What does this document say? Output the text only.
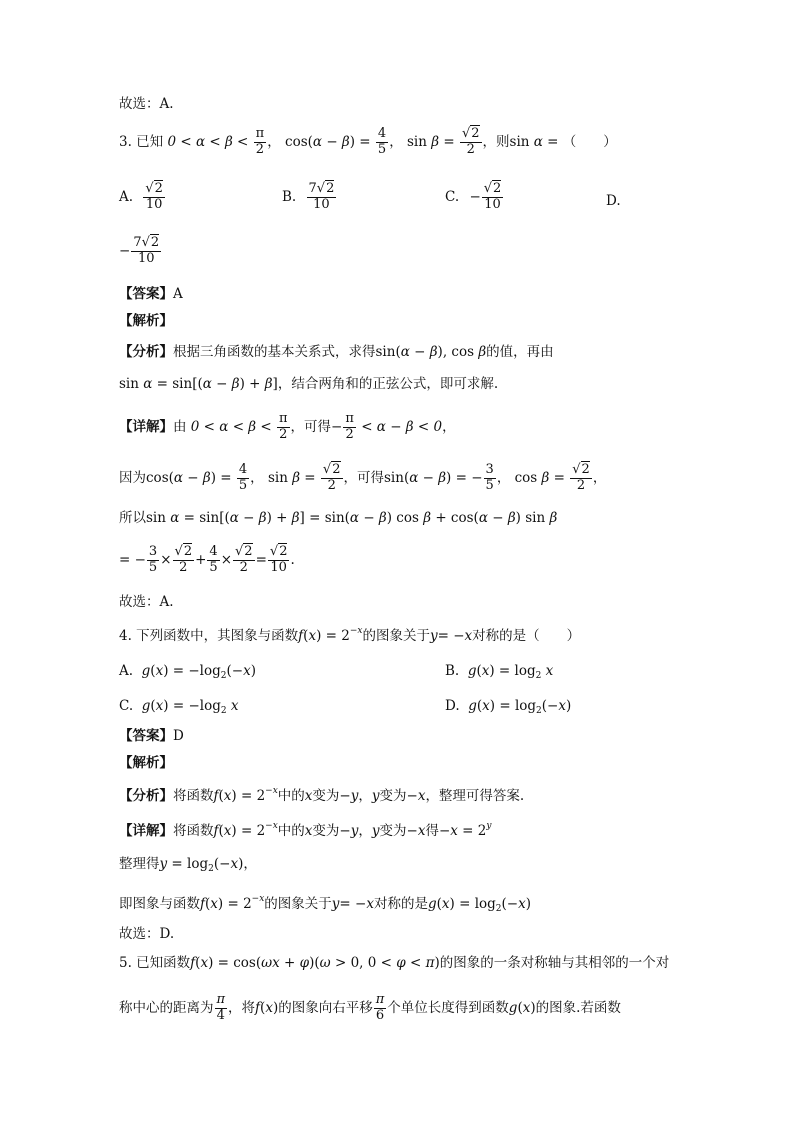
故选：A.
3. 已知 $0 < \alpha < \beta < \frac{\pi}{2}$ ， $\cos(\alpha - \beta) = \frac{4}{5}$ ， $\sin \beta = \frac{√2}{2}$ ，则sin α = （　　）
A. $\frac{√2}{10}$	B. $\frac{7√2}{10}$	C. − $\frac{√2}{10}$	D.
− $\frac{7√2}{10}$
【答案】A
【解析】
【分析】根据三角函数的基本关系式，求得sin(α − β), cos β的值，再由
sin α = sin[(α − β) + β]，结合两角和的正弦公式，即可求解.
【详解】由 $0 < \alpha < \beta < \frac{\pi}{2}$ ，可得− $\frac{\pi}{2} < \alpha - \beta < 0$，
因为$\cos(\alpha - \beta) = \frac{4}{5}$ ， $\sin \beta = \frac{√2}{2}$ ，可得sin(α − β) = − $\frac{3}{5}$ ， $\cos \beta = \frac{√2}{2}$ ，
所以sin α = sin[(α − β) + β] = sin(α − β) cos β + cos(α − β) sin β
= − $\frac{3}{5} \times \frac{√2}{2} + \frac{4}{5} \times \frac{√2}{2} = \frac{√2}{10}$ .
故选：A.
4. 下列函数中，其图象与函数$f(x) = 2^{-x}$的图象关于y= −x对称的是（　　）
A. $g(x) = -\log_2(-x)$	B. $g(x) = \log_2 x$
C. $g(x) = -\log_2$ x	D. $g(x) = \log_2(-x)$
【答案】D
【解析】
【分析】将函数$f(x) = 2^{-x}$中的x变为−y，y变为−x，整理可得答案.
【详解】将函数$f(x) = 2^{-x}$中的x变为−y，y变为−x得$-x = 2^y$
整理得$y = \log_2(-x)$，
即图象与函数$f(x) = 2^{-x}$的图象关于y= −x对称的是$g(x) = \log_2(-x)$
故选：D.
5. 已知函数f(x) = cos(ωx + φ)(ω > 0, 0 < φ < π)的图象的一条对称轴与其相邻的一个对
称中心的距离为 $\frac{\pi}{4}$ ，将f(x)的图象向右平移 $\frac{\pi}{6}$ 个单位长度得到函数g(x)的图象.若函数
